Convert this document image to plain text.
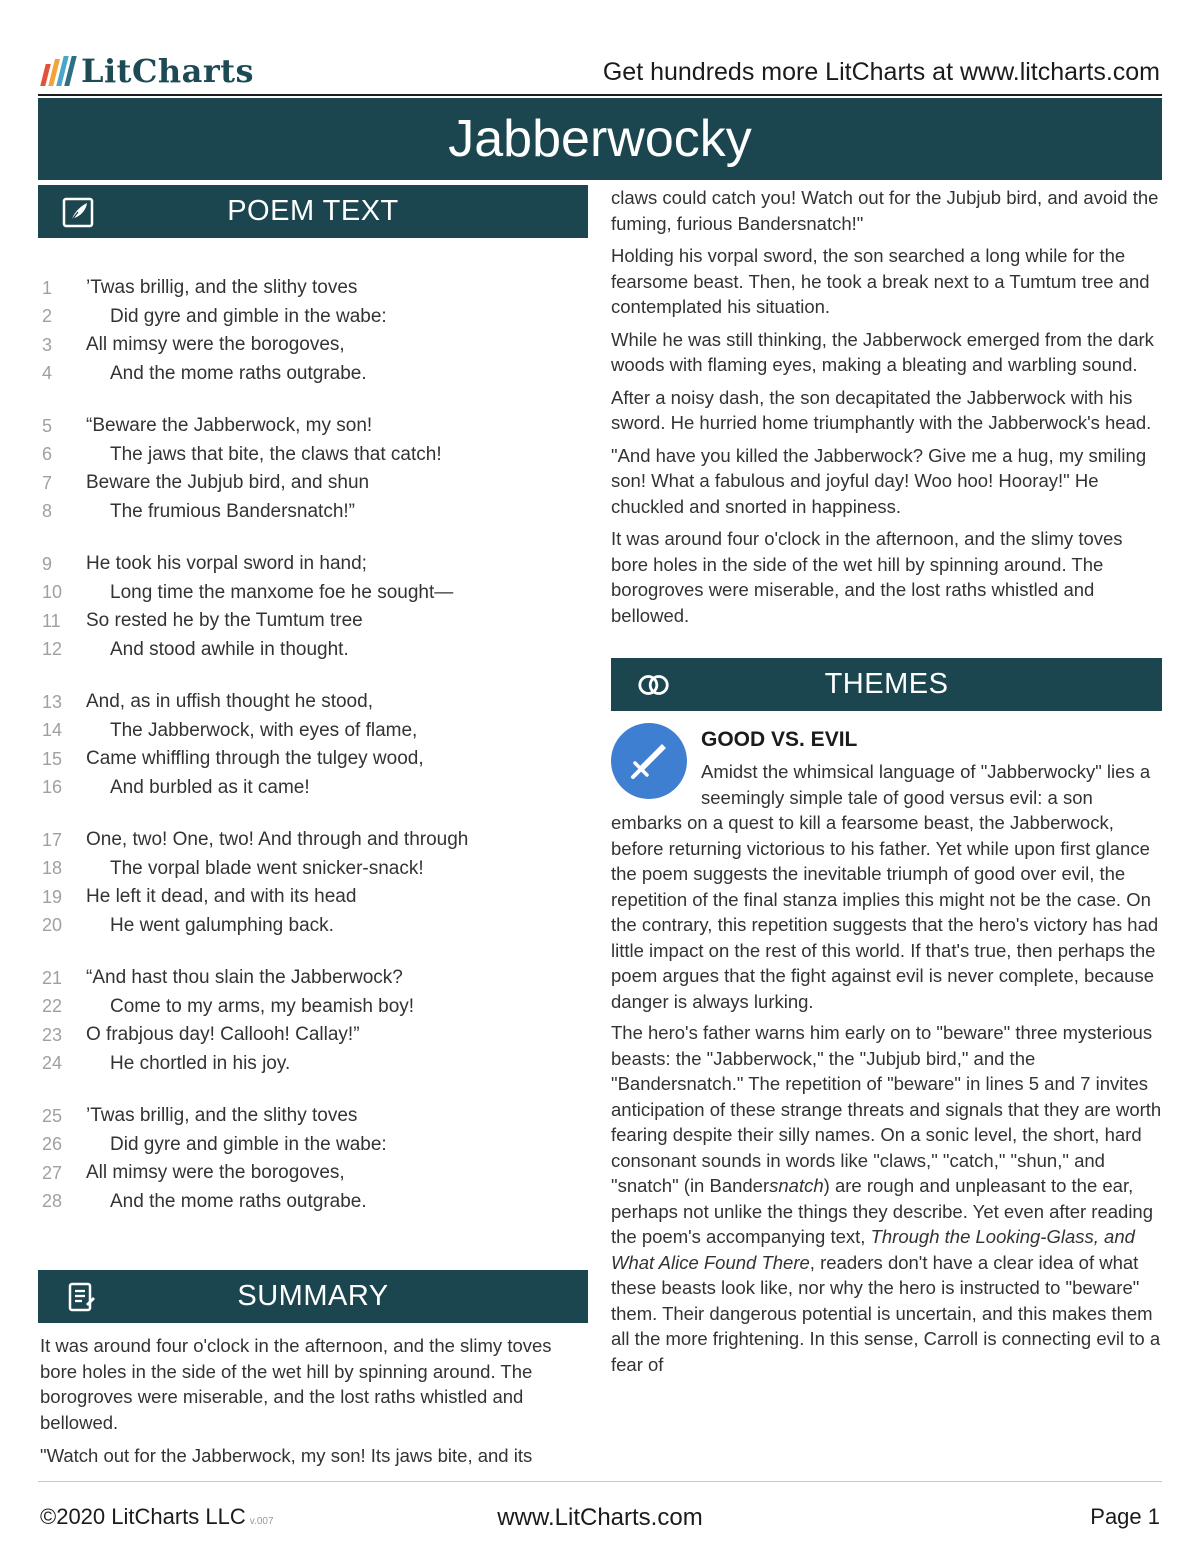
LitCharts	Get hundreds more LitCharts at www.litcharts.com
Jabberwocky
POEM TEXT
1	’Twas brillig, and the slithy toves
2	Did gyre and gimble in the wabe:
3	All mimsy were the borogoves,
4	And the mome raths outgrabe.
5	“Beware the Jabberwock, my son!
6	The jaws that bite, the claws that catch!
7	Beware the Jubjub bird, and shun
8	The frumious Bandersnatch!”
9	He took his vorpal sword in hand;
10	Long time the manxome foe he sought—
11	So rested he by the Tumtum tree
12	And stood awhile in thought.
13	And, as in uffish thought he stood,
14	The Jabberwock, with eyes of flame,
15	Came whiffling through the tulgey wood,
16	And burbled as it came!
17	One, two! One, two! And through and through
18	The vorpal blade went snicker-snack!
19	He left it dead, and with its head
20	He went galumphing back.
21	“And hast thou slain the Jabberwock?
22	Come to my arms, my beamish boy!
23	O frabjous day! Callooh! Callay!”
24	He chortled in his joy.
25	’Twas brillig, and the slithy toves
26	Did gyre and gimble in the wabe:
27	All mimsy were the borogoves,
28	And the mome raths outgrabe.
SUMMARY

It was around four o'clock in the afternoon, and the slimy toves bore holes in the side of the wet hill by spinning around. The borogroves were miserable, and the lost raths whistled and bellowed.

"Watch out for the Jabberwock, my son! Its jaws bite, and its

claws could catch you! Watch out for the Jubjub bird, and avoid the fuming, furious Bandersnatch!"

Holding his vorpal sword, the son searched a long while for the fearsome beast. Then, he took a break next to a Tumtum tree and contemplated his situation.

While he was still thinking, the Jabberwock emerged from the dark woods with flaming eyes, making a bleating and warbling sound.

After a noisy dash, the son decapitated the Jabberwock with his sword. He hurried home triumphantly with the Jabberwock's head.

"And have you killed the Jabberwock? Give me a hug, my smiling son! What a fabulous and joyful day! Woo hoo! Hooray!" He chuckled and snorted in happiness.

It was around four o'clock in the afternoon, and the slimy toves bore holes in the side of the wet hill by spinning around. The borogroves were miserable, and the lost raths whistled and bellowed.

THEMES
GOOD VS. EVIL

Amidst the whimsical language of "Jabberwocky" lies a seemingly simple tale of good versus evil: a son embarks on a quest to kill a fearsome beast, the Jabberwock, before returning victorious to his father. Yet while upon first glance the poem suggests the inevitable triumph of good over evil, the repetition of the final stanza implies this might not be the case. On the contrary, this repetition suggests that the hero's victory has had little impact on the rest of this world. If that's true, then perhaps the poem argues that the fight against evil is never complete, because danger is always lurking.

The hero's father warns him early on to "beware" three mysterious beasts: the "Jabberwock," the "Jubjub bird," and the "Bandersnatch." The repetition of "beware" in lines 5 and 7 invites anticipation of these strange threats and signals that they are worth fearing despite their silly names. On a sonic level, the short, hard consonant sounds in words like "claws," "catch," "shun," and "snatch" (in Bandersnatch) are rough and unpleasant to the ear, perhaps not unlike the things they describe. Yet even after reading the poem's accompanying text, Through the Looking-Glass, and What Alice Found There, readers don't have a clear idea of what these beasts look like, nor why the hero is instructed to "beware" them. Their dangerous potential is uncertain, and this makes them all the more frightening. In this sense, Carroll is connecting evil to a fear of

©2020 LitCharts LLC v.007	www.LitCharts.com	Page 1
